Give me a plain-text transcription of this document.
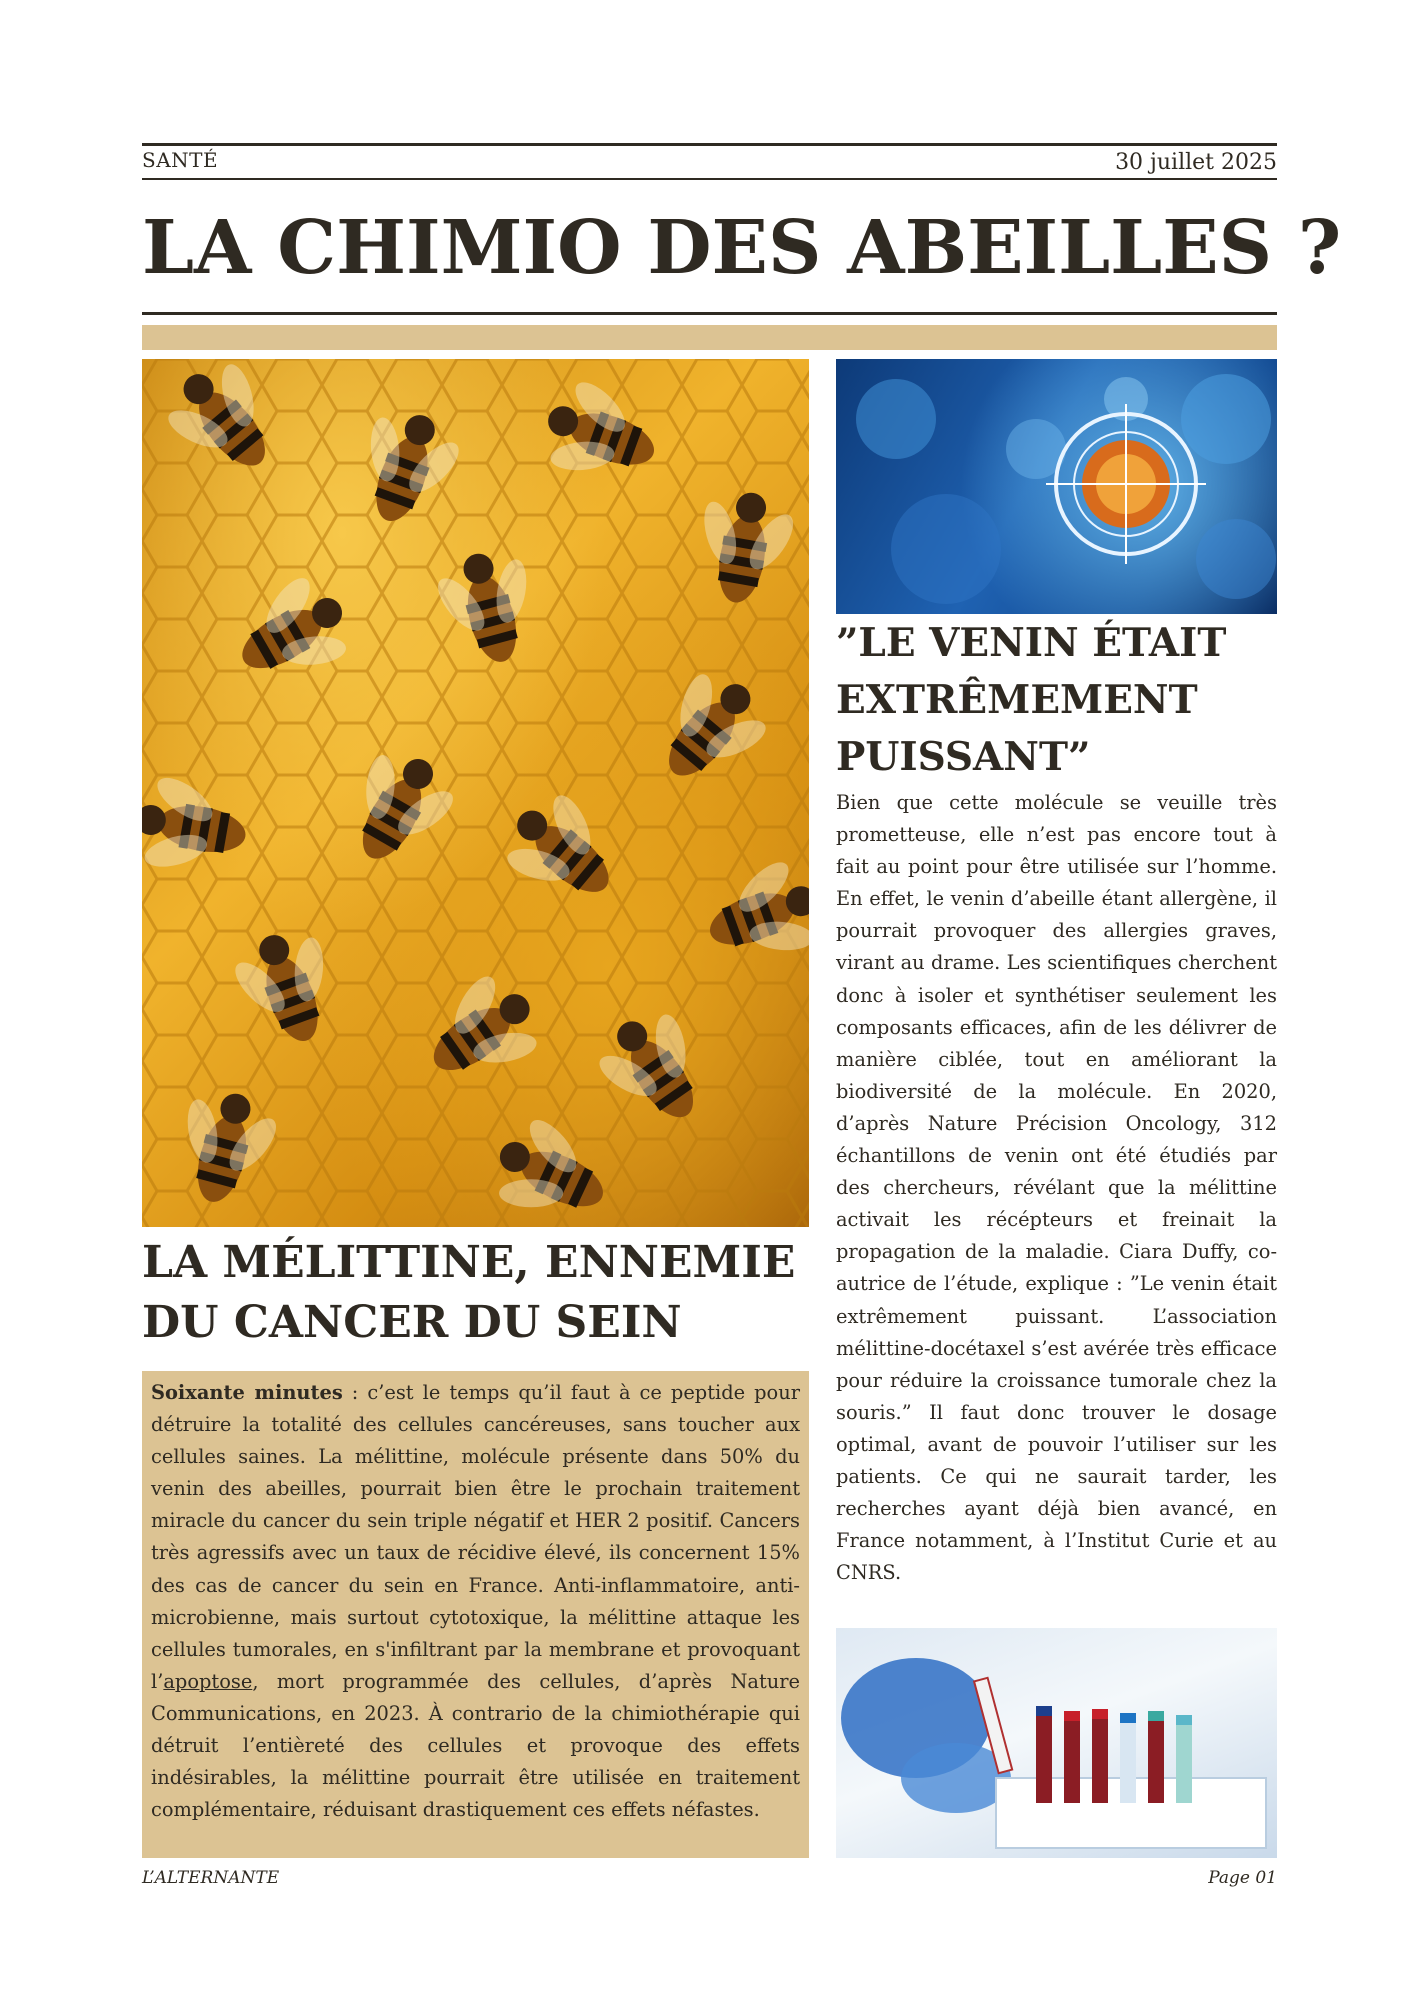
SANTÉ	30 juillet 2025
LA CHIMIO DES ABEILLES ?
LA MÉLITTINE, ENNEMIE DU CANCER DU SEIN

Soixante minutes : c’est le temps qu’il faut à ce peptide pour détruire la totalité des cellules cancéreuses, sans toucher aux cellules saines. La mélittine, molécule présente dans 50% du venin des abeilles, pourrait bien être le prochain traitement miracle du cancer du sein triple négatif et HER 2 positif. Cancers très agressifs avec un taux de récidive élevé, ils concernent 15% des cas de cancer du sein en France. Anti-inflammatoire, anti-microbienne, mais surtout cytotoxique, la mélittine attaque les cellules tumorales, en s'infiltrant par la membrane et provoquant l’apoptose, mort programmée des cellules, d’après Nature Communications, en 2023. À contrario de la chimiothérapie qui détruit l’entièreté des cellules et provoque des effets indésirables, la mélittine pourrait être utilisée en traitement complémentaire, réduisant drastiquement ces effets néfastes.

”LE VENIN ÉTAIT EXTRÊMEMENT PUISSANT”

Bien que cette molécule se veuille très prometteuse, elle n’est pas encore tout à fait au point pour être utilisée sur l’homme. En effet, le venin d’abeille étant allergène, il pourrait provoquer des allergies graves, virant au drame. Les scientifiques cherchent donc à isoler et synthétiser seulement les composants efficaces, afin de les délivrer de manière ciblée, tout en améliorant la biodiversité de la molécule. En 2020, d’après Nature Précision Oncology, 312 échantillons de venin ont été étudiés par des chercheurs, révélant que la mélittine activait les récépteurs et freinait la propagation de la maladie. Ciara Duffy, co-autrice de l’étude, explique : ”Le venin était extrêmement puissant. L’association mélittine-docétaxel s’est avérée très efficace pour réduire la croissance tumorale chez la souris.” Il faut donc trouver le dosage optimal, avant de pouvoir l’utiliser sur les patients. Ce qui ne saurait tarder, les recherches ayant déjà bien avancé, en France notamment, à l’Institut Curie et au CNRS.

L’ALTERNANTE	Page 01
